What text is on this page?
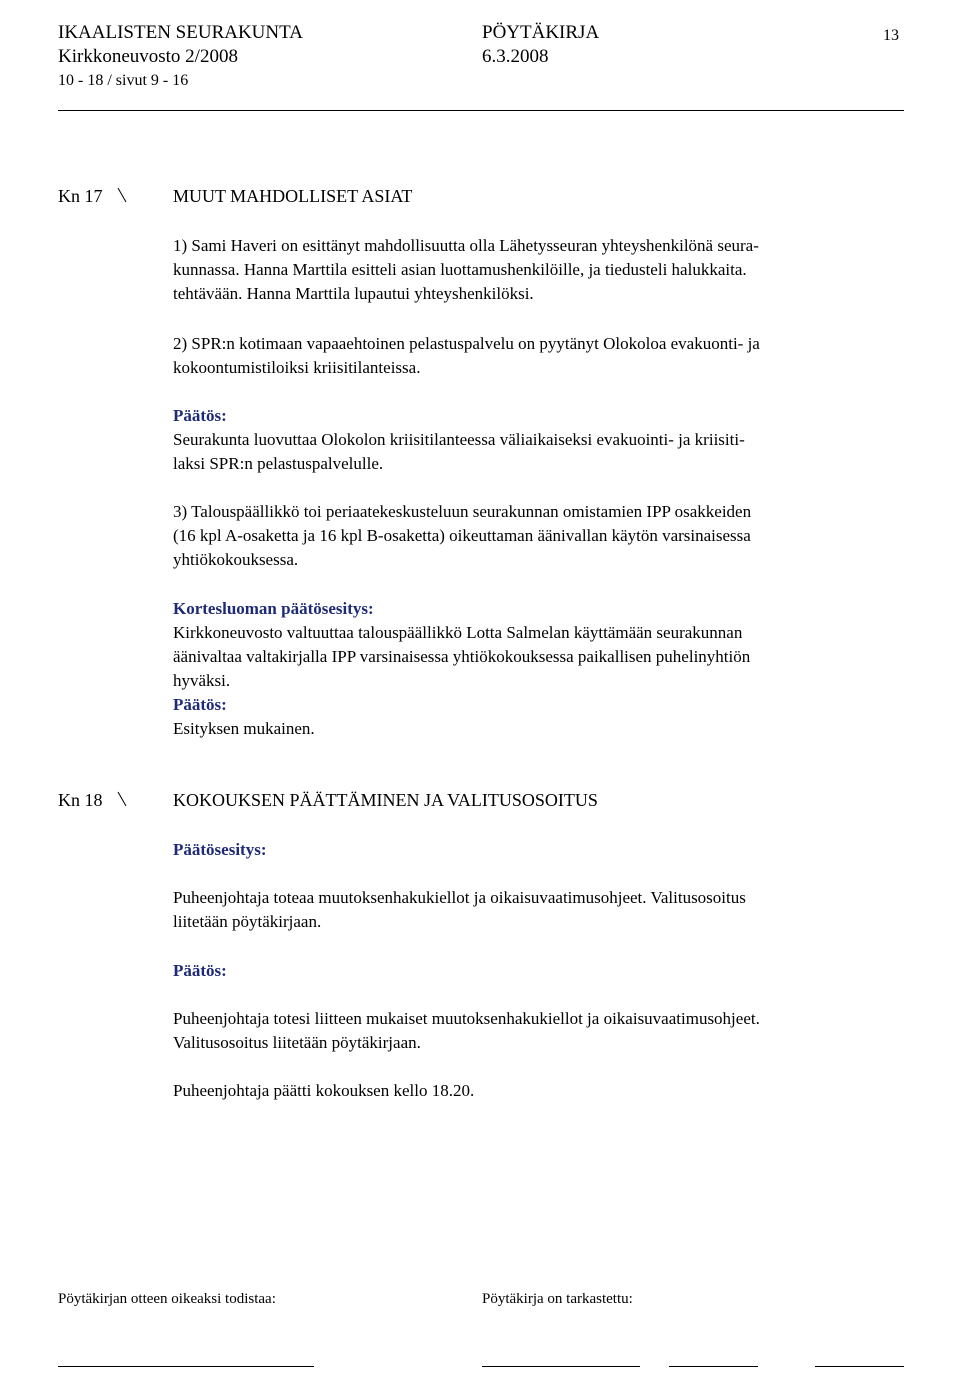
IKAALISTEN SEURAKUNTA	PÖYTÄKIRJA	13
Kirkkoneuvosto 2/2008	6.3.2008
10 - 18 / sivut 9 - 16
Kn 17	MUUT MAHDOLLISET ASIAT

1) Sami Haveri on esittänyt mahdollisuutta olla Lähetysseuran yhteyshenkilönä seura-

kunnassa. Hanna Marttila esitteli asian luottamushenkilöille, ja tiedusteli halukkaita.

tehtävään. Hanna Marttila lupautui yhteyshenkilöksi.

2) SPR:n kotimaan vapaaehtoinen pelastuspalvelu on pyytänyt Olokoloa evakuonti- ja

kokoontumistiloiksi kriisitilanteissa.

Päätös:

Seurakunta luovuttaa Olokolon kriisitilanteessa väliaikaiseksi evakuointi- ja kriisiti-

laksi SPR:n pelastuspalvelulle.

3) Talouspäällikkö toi periaatekeskusteluun seurakunnan omistamien IPP osakkeiden

(16 kpl A-osaketta ja 16 kpl B-osaketta) oikeuttaman äänivallan käytön varsinaisessa

yhtiökokouksessa.

Kortesluoman päätösesitys:

Kirkkoneuvosto valtuuttaa talouspäällikkö Lotta Salmelan käyttämään seurakunnan

äänivaltaa valtakirjalla IPP varsinaisessa yhtiökokouksessa paikallisen puhelinyhtiön

hyväksi.

Päätös:

Esityksen mukainen.

Kn 18	KOKOUKSEN PÄÄTTÄMINEN JA VALITUSOSOITUS

Päätösesitys:

Puheenjohtaja toteaa muutoksenhakukiellot ja oikaisuvaatimusohjeet. Valitusosoitus

liitetään pöytäkirjaan.

Päätös:

Puheenjohtaja totesi liitteen mukaiset muutoksenhakukiellot ja oikaisuvaatimusohjeet.

Valitusosoitus liitetään pöytäkirjaan.

Puheenjohtaja päätti kokouksen kello 18.20.

Pöytäkirjan otteen oikeaksi todistaa:	Pöytäkirja on tarkastettu:
